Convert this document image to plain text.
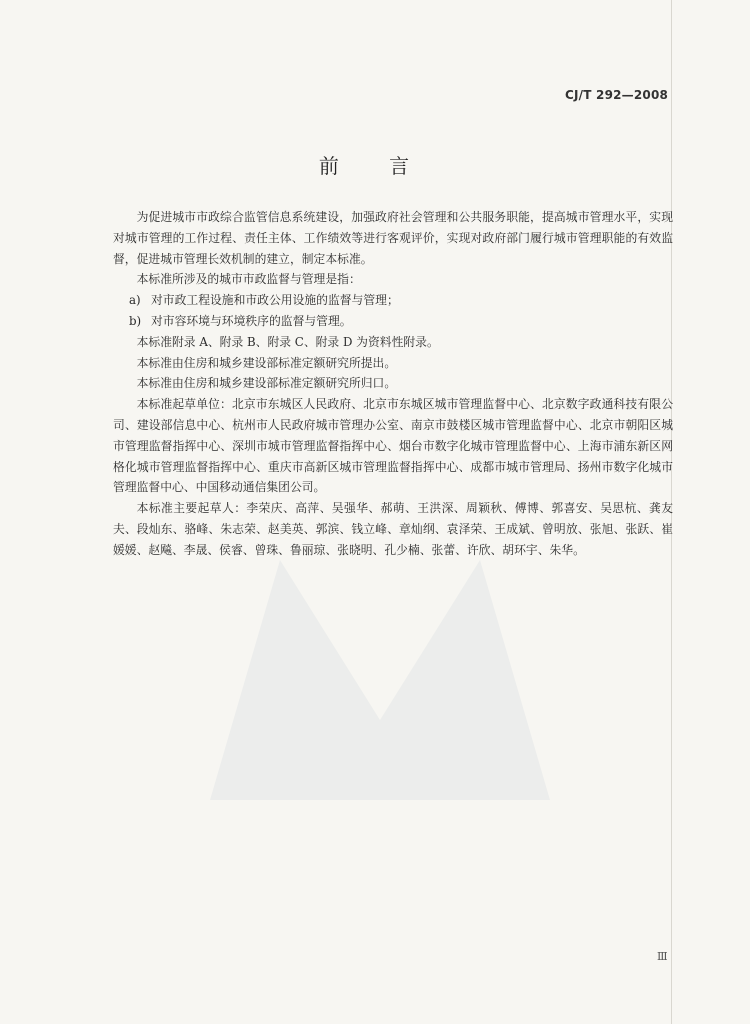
CJ/T 292—2008
前 言

为促进城市市政综合监管信息系统建设，加强政府社会管理和公共服务职能，提高城市管理水平，实现对城市管理的工作过程、责任主体、工作绩效等进行客观评价，实现对政府部门履行城市管理职能的有效监督，促进城市管理长效机制的建立，制定本标准。

本标准所涉及的城市市政监督与管理是指：

a) 对市政工程设施和市政公用设施的监督与管理；

b) 对市容环境与环境秩序的监督与管理。

本标准附录 A、附录 B、附录 C、附录 D 为资料性附录。

本标准由住房和城乡建设部标准定额研究所提出。

本标准由住房和城乡建设部标准定额研究所归口。

本标准起草单位：北京市东城区人民政府、北京市东城区城市管理监督中心、北京数字政通科技有限公司、建设部信息中心、杭州市人民政府城市管理办公室、南京市鼓楼区城市管理监督中心、北京市朝阳区城市管理监督指挥中心、深圳市城市管理监督指挥中心、烟台市数字化城市管理监督中心、上海市浦东新区网格化城市管理监督指挥中心、重庆市高新区城市管理监督指挥中心、成都市城市管理局、扬州市数字化城市管理监督中心、中国移动通信集团公司。

本标准主要起草人：李荣庆、高萍、吴强华、郝萌、王洪深、周颖秋、傅博、郭喜安、吴思杭、龚友夫、段灿东、骆峰、朱志荣、赵美英、郭滨、钱立峰、章灿纲、袁泽荣、王成斌、曾明放、张旭、张跃、崔媛媛、赵飚、李晟、侯睿、曾珠、鲁丽琼、张晓明、孔少楠、张蕾、许欣、胡环宇、朱华。

Ⅲ
